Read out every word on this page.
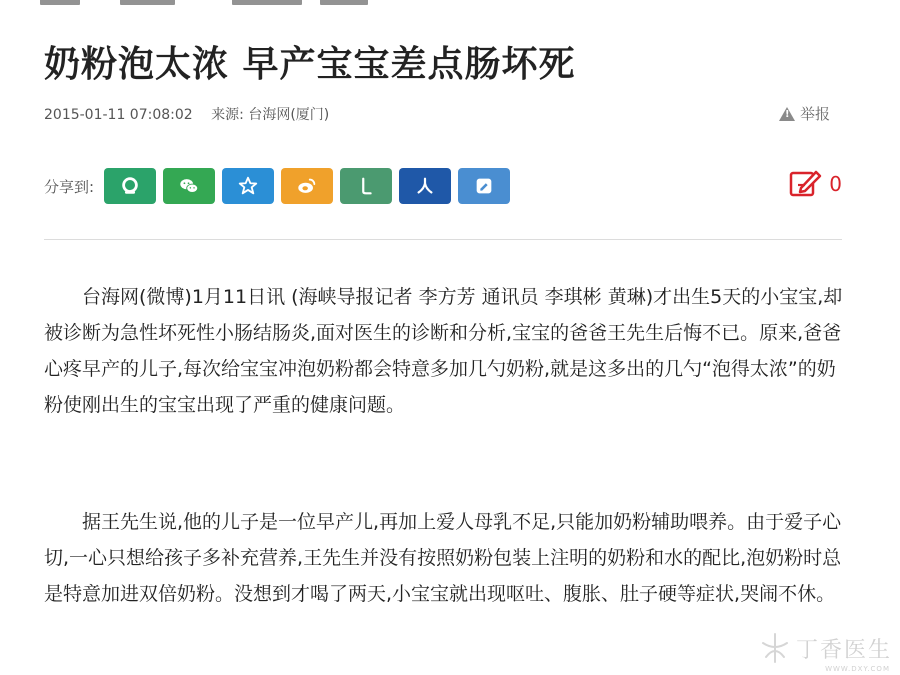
奶粉泡太浓 早产宝宝差点肠坏死
2015-01-11 07:08:02 来源: 台海网(厦门)
!	举报
分享到:	0

台海网(微博)1月11日讯 (海峡导报记者 李方芳 通讯员 李琪彬 黄琳)才出生5天的小宝宝,却被诊断为急性坏死性小肠结肠炎,面对医生的诊断和分析,宝宝的爸爸王先生后悔不已。原来,爸爸心疼早产的儿子,每次给宝宝冲泡奶粉都会特意多加几勺奶粉,就是这多出的几勺“泡得太浓”的奶粉使刚出生的宝宝出现了严重的健康问题。

据王先生说,他的儿子是一位早产儿,再加上爱人母乳不足,只能加奶粉辅助喂养。由于爱子心切,一心只想给孩子多补充营养,王先生并没有按照奶粉包装上注明的奶粉和水的配比,泡奶粉时总是特意加进双倍奶粉。没想到才喝了两天,小宝宝就出现呕吐、腹胀、肚子硬等症状,哭闹不休。

丁香医生
WWW.DXY.COM
